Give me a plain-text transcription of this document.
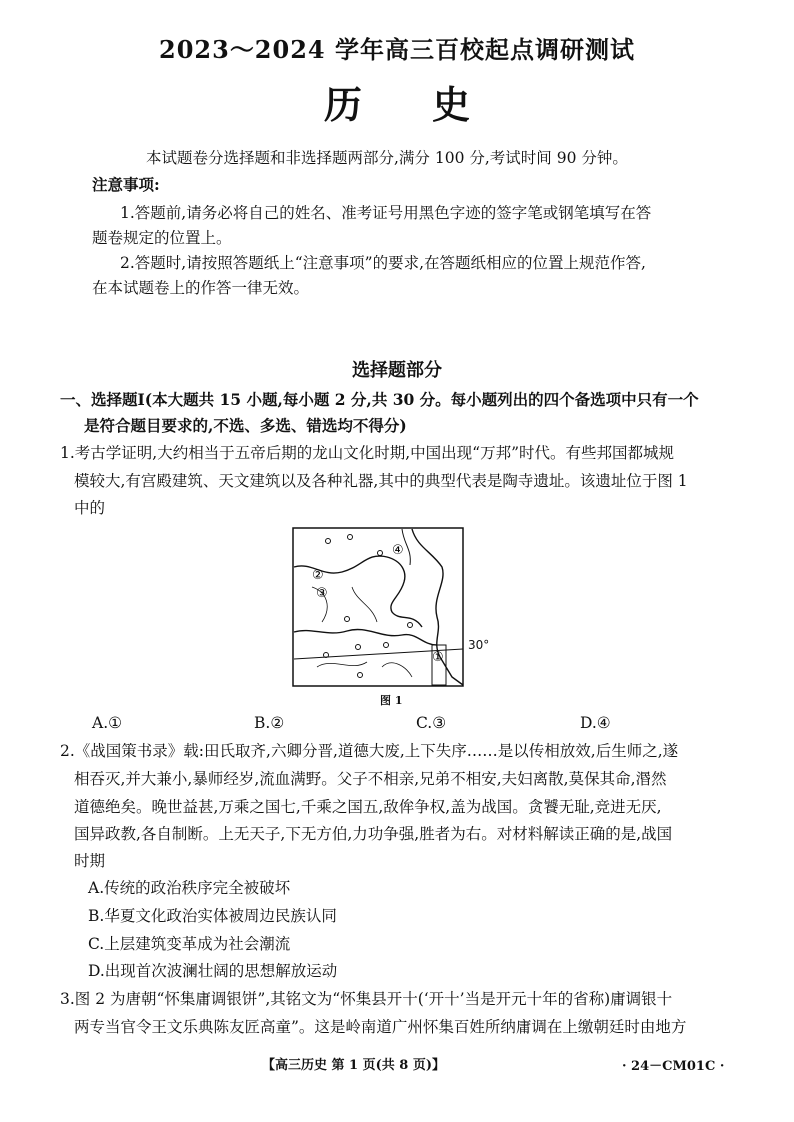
2023～2024 学年高三百校起点调研测试
历史
本试题卷分选择题和非选择题两部分,满分 100 分,考试时间 90 分钟。
注意事项:
1.答题前,请务必将自己的姓名、准考证号用黑色字迹的签字笔或钢笔填写在答
题卷规定的位置上。
2.答题时,请按照答题纸上“注意事项”的要求,在答题纸相应的位置上规范作答,
在本试题卷上的作答一律无效。
选择题部分
一、选择题Ⅰ(本大题共 15 小题,每小题 2 分,共 30 分。每小题列出的四个备选项中只有一个
是符合题目要求的,不选、多选、错选均不得分)
1.考古学证明,大约相当于五帝后期的龙山文化时期,中国出现“万邦”时代。有些邦国都城规
模较大,有宫殿建筑、天文建筑以及各种礼器,其中的典型代表是陶寺遗址。该遗址位于图 1
中的
④
②
③
①
30°
图 1
A.①	B.②	C.③	D.④
2.《战国策书录》载:田氏取齐,六卿分晋,道德大废,上下失序……是以传相放效,后生师之,遂
相吞灭,并大兼小,暴师经岁,流血满野。父子不相亲,兄弟不相安,夫妇离散,莫保其命,湣然
道德绝矣。晚世益甚,万乘之国七,千乘之国五,敌侔争权,盖为战国。贪饕无耻,竞进无厌,
国异政教,各自制断。上无天子,下无方伯,力功争强,胜者为右。对材料解读正确的是,战国
时期
A.传统的政治秩序完全被破坏
B.华夏文化政治实体被周边民族认同
C.上层建筑变革成为社会潮流
D.出现首次波澜壮阔的思想解放运动
3.图 2 为唐朝“怀集庸调银饼”,其铭文为“怀集县开十(‘开十’当是开元十年的省称)庸调银十
两专当官令王文乐典陈友匠高童”。这是岭南道广州怀集百姓所纳庸调在上缴朝廷时由地方
【高三历史 第 1 页(共 8 页)】	· 24－CM01C ·
